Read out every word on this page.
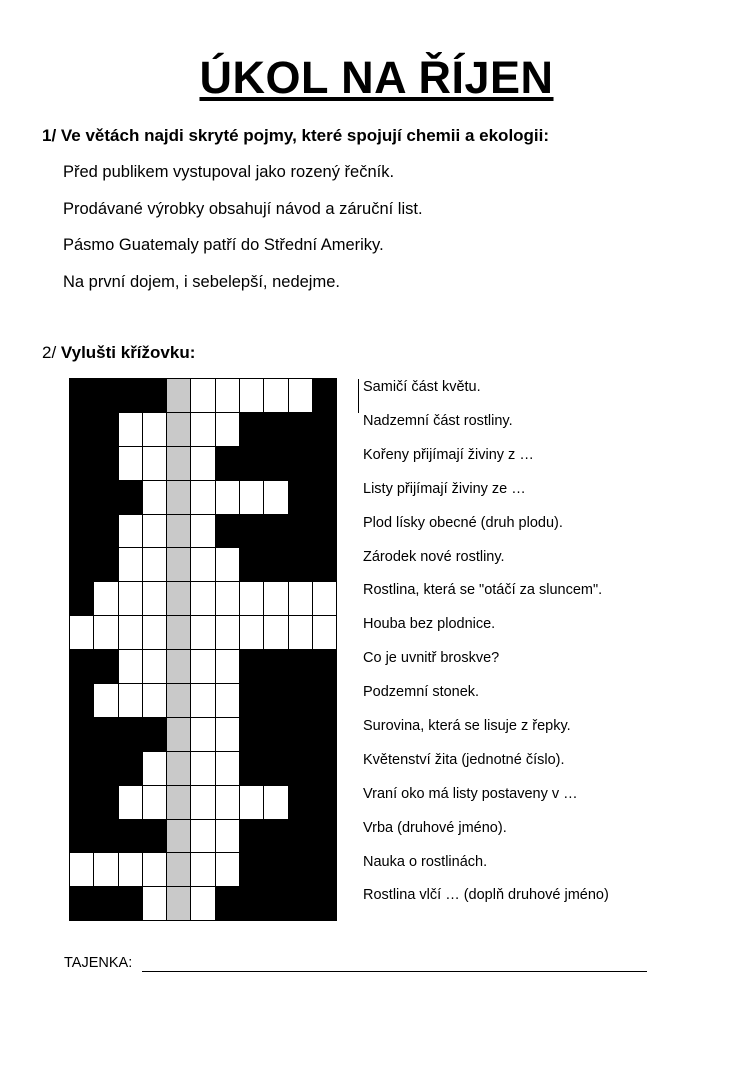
ÚKOL NA ŘÍJEN
1/ Ve větách najdi skryté pojmy, které spojují chemii a ekologii:
Před publikem vystupoval jako rozený řečník.
Prodávané výrobky obsahují návod a záruční list.
Pásmo Guatemaly patří do Střední Ameriky.
Na první dojem, i sebelepší, nedejme.
2/ Vylušti křížovku:
Samičí část květu.
Nadzemní část rostliny.
Kořeny přijímají živiny z …
Listy přijímají živiny ze …
Plod lísky obecné (druh plodu).
Zárodek nové rostliny.
Rostlina, která se "otáčí za sluncem".
Houba bez plodnice.
Co je uvnitř broskve?
Podzemní stonek.
Surovina, která se lisuje z řepky.
Květenství žita (jednotné číslo).
Vraní oko má listy postaveny v …
Vrba (druhové jméno).
Nauka o rostlinách.
Rostlina vlčí … (doplň druhové jméno)
TAJENKA:
